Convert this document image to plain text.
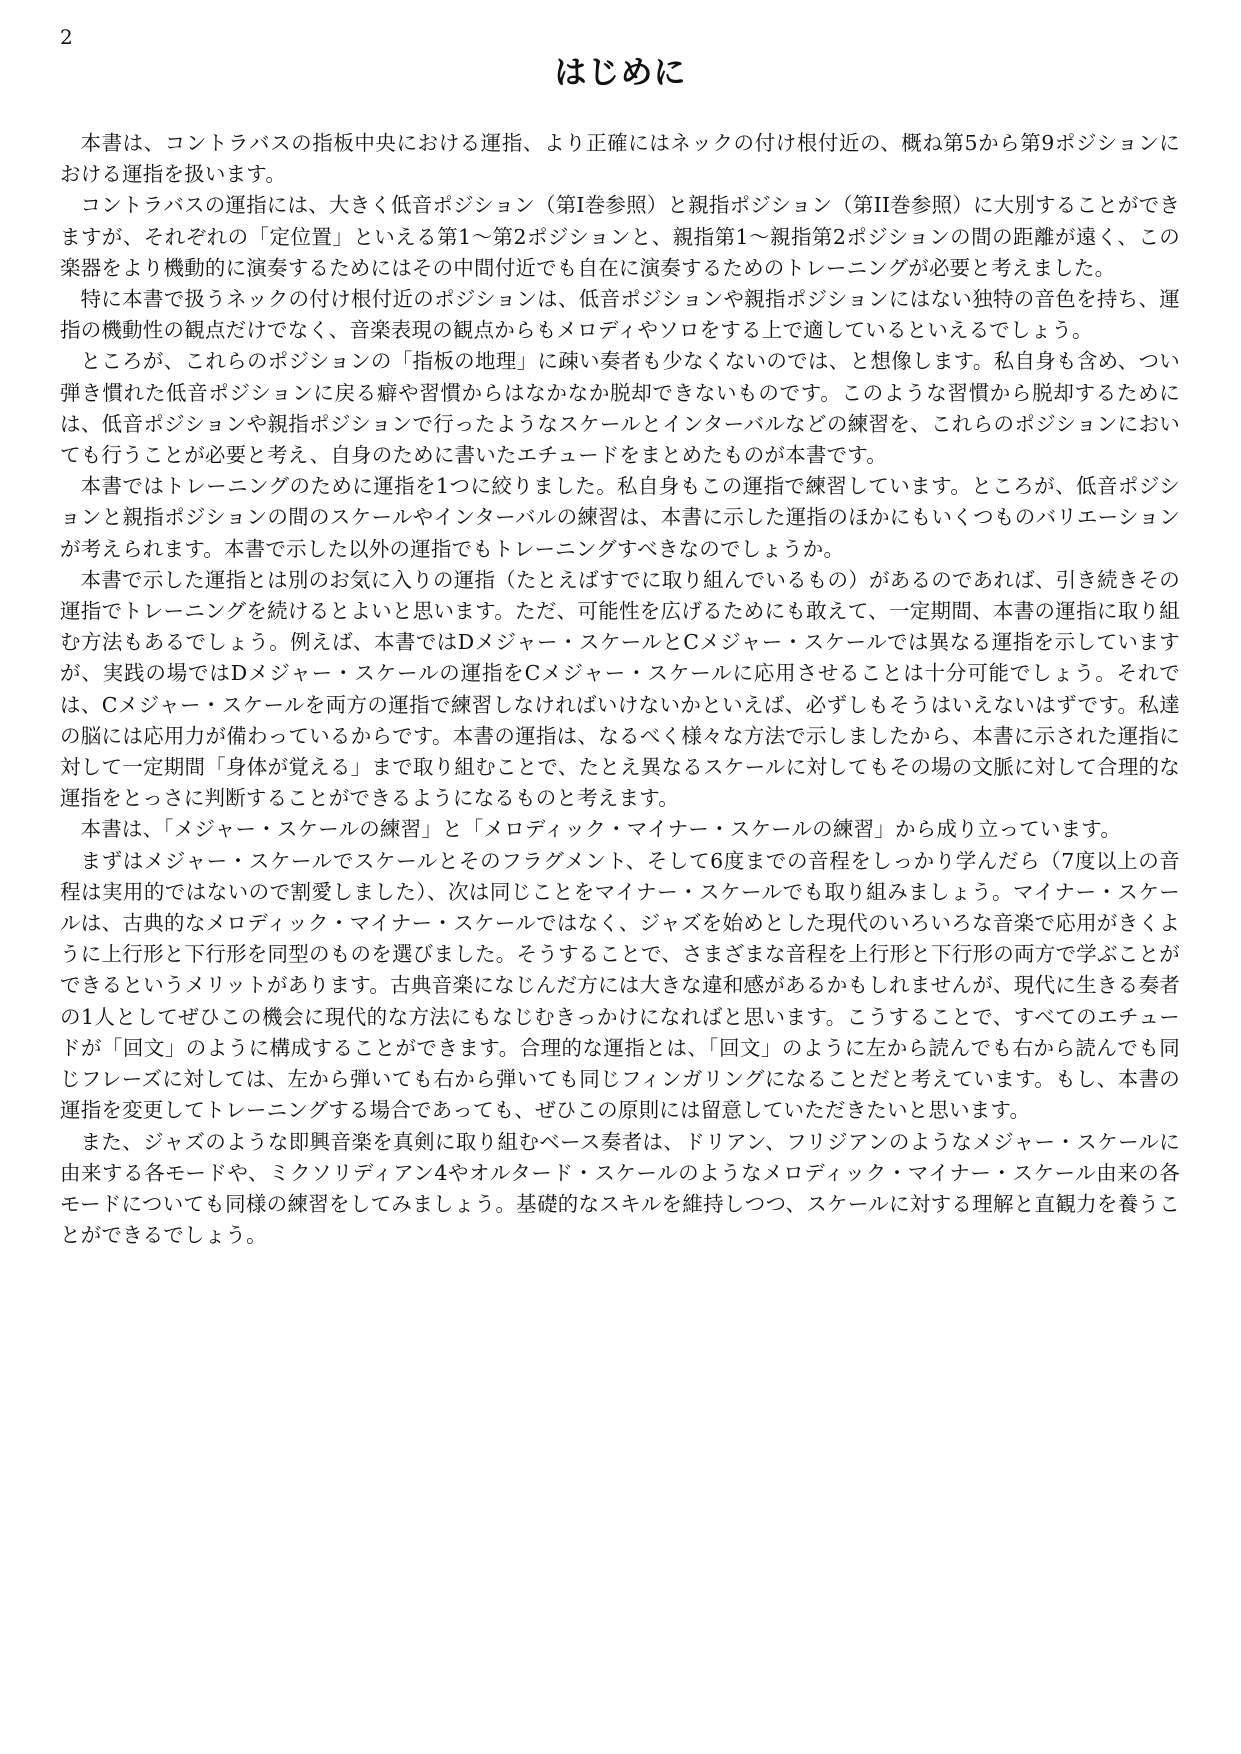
2
はじめに

本書は、コントラバスの指板中央における運指、より正確にはネックの付け根付近の、概ね第5から第9ポジションにおける運指を扱います。

コントラバスの運指には、大きく低音ポジション（第I巻参照）と親指ポジション（第II巻参照）に大別することができますが、それぞれの「定位置」といえる第1〜第2ポジションと、親指第1〜親指第2ポジションの間の距離が遠く、この楽器をより機動的に演奏するためにはその中間付近でも自在に演奏するためのトレーニングが必要と考えました。

特に本書で扱うネックの付け根付近のポジションは、低音ポジションや親指ポジションにはない独特の音色を持ち、運指の機動性の観点だけでなく、音楽表現の観点からもメロディやソロをする上で適しているといえるでしょう。

ところが、これらのポジションの「指板の地理」に疎い奏者も少なくないのでは、と想像します。私自身も含め、つい弾き慣れた低音ポジションに戻る癖や習慣からはなかなか脱却できないものです。このような習慣から脱却するためには、低音ポジションや親指ポジションで行ったようなスケールとインターバルなどの練習を、これらのポジションにおいても行うことが必要と考え、自身のために書いたエチュードをまとめたものが本書です。

本書ではトレーニングのために運指を1つに絞りました。私自身もこの運指で練習しています。ところが、低音ポジションと親指ポジションの間のスケールやインターバルの練習は、本書に示した運指のほかにもいくつものバリエーションが考えられます。本書で示した以外の運指でもトレーニングすべきなのでしょうか。

本書で示した運指とは別のお気に入りの運指（たとえばすでに取り組んでいるもの）があるのであれば、引き続きその運指でトレーニングを続けるとよいと思います。ただ、可能性を広げるためにも敢えて、一定期間、本書の運指に取り組む方法もあるでしょう。例えば、本書ではDメジャー・スケールとCメジャー・スケールでは異なる運指を示していますが、実践の場ではDメジャー・スケールの運指をCメジャー・スケールに応用させることは十分可能でしょう。それでは、Cメジャー・スケールを両方の運指で練習しなければいけないかといえば、必ずしもそうはいえないはずです。私達の脳には応用力が備わっているからです。本書の運指は、なるべく様々な方法で示しましたから、本書に示された運指に対して一定期間「身体が覚える」まで取り組むことで、たとえ異なるスケールに対してもその場の文脈に対して合理的な運指をとっさに判断することができるようになるものと考えます。

本書は、「メジャー・スケールの練習」と「メロディック・マイナー・スケールの練習」から成り立っています。

まずはメジャー・スケールでスケールとそのフラグメント、そして6度までの音程をしっかり学んだら（7度以上の音程は実用的ではないので割愛しました）、次は同じことをマイナー・スケールでも取り組みましょう。マイナー・スケールは、古典的なメロディック・マイナー・スケールではなく、ジャズを始めとした現代のいろいろな音楽で応用がきくように上行形と下行形を同型のものを選びました。そうすることで、さまざまな音程を上行形と下行形の両方で学ぶことができるというメリットがあります。古典音楽になじんだ方には大きな違和感があるかもしれませんが、現代に生きる奏者の1人としてぜひこの機会に現代的な方法にもなじむきっかけになればと思います。こうすることで、すべてのエチュードが「回文」のように構成することができます。合理的な運指とは、「回文」のように左から読んでも右から読んでも同じフレーズに対しては、左から弾いても右から弾いても同じフィンガリングになることだと考えています。もし、本書の運指を変更してトレーニングする場合であっても、ぜひこの原則には留意していただきたいと思います。

また、ジャズのような即興音楽を真剣に取り組むベース奏者は、ドリアン、フリジアンのようなメジャー・スケールに由来する各モードや、ミクソリディアン4やオルタード・スケールのようなメロディック・マイナー・スケール由来の各モードについても同様の練習をしてみましょう。基礎的なスキルを維持しつつ、スケールに対する理解と直観力を養うことができるでしょう。
